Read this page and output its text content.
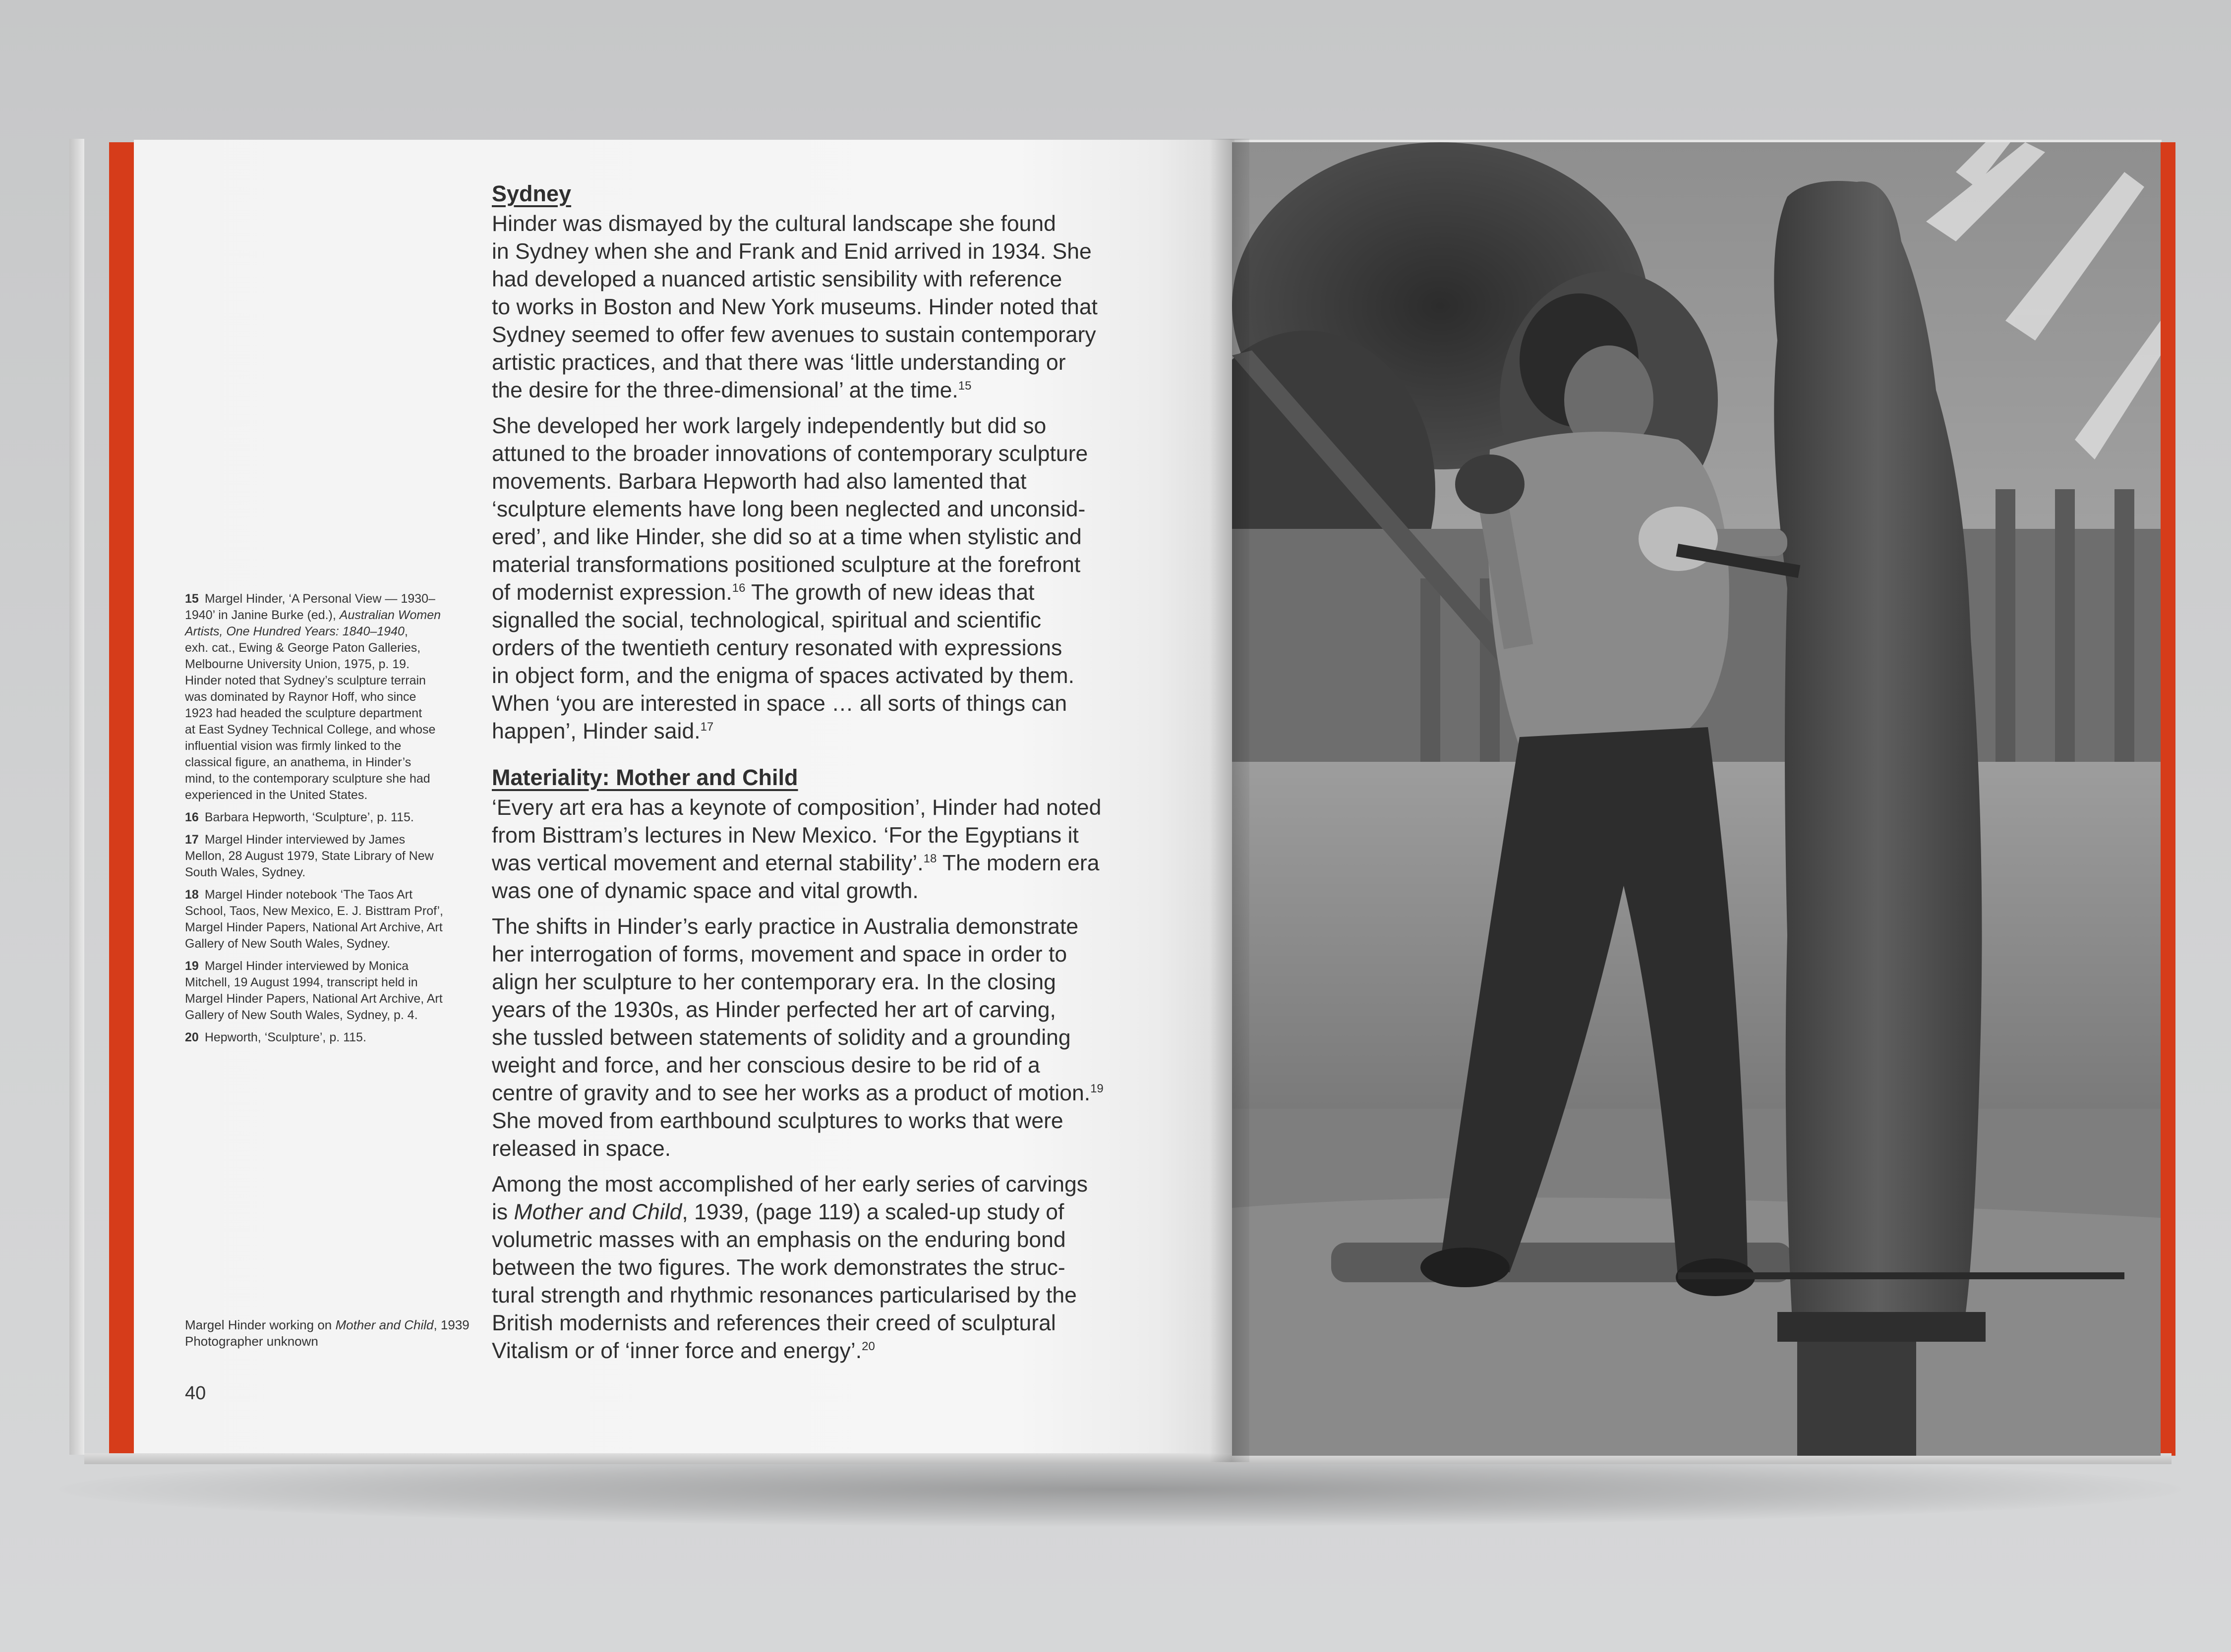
Sydney

Hinder was dismayed by the cultural landscape she found
in Sydney when she and Frank and Enid arrived in 1934. She
had developed a nuanced artistic sensibility with reference
to works in Boston and New York museums. Hinder noted that
Sydney seemed to offer few avenues to sustain contemporary
artistic practices, and that there was ‘little understanding or
the desire for the three-dimensional’ at the time.$^{15}$

She developed her work largely independently but did so
attuned to the broader innovations of contemporary sculpture
movements. Barbara Hepworth had also lamented that
‘sculpture elements have long been neglected and unconsid-
ered’, and like Hinder, she did so at a time when stylistic and
material transformations positioned sculpture at the forefront
of modernist expression.$^{16}$ The growth of new ideas that
signalled the social, technological, spiritual and scientific
orders of the twentieth century resonated with expressions
in object form, and the enigma of spaces activated by them.
When ‘you are interested in space … all sorts of things can
happen’, Hinder said.$^{17}$

Materiality: Mother and Child

‘Every art era has a keynote of composition’, Hinder had noted
from Bisttram’s lectures in New Mexico. ‘For the Egyptians it
was vertical movement and eternal stability’.$^{18}$ The modern era
was one of dynamic space and vital growth.

The shifts in Hinder’s early practice in Australia demonstrate
her interrogation of forms, movement and space in order to
align her sculpture to her contemporary era. In the closing
years of the 1930s, as Hinder perfected her art of carving,
she tussled between statements of solidity and a grounding
weight and force, and her conscious desire to be rid of a
centre of gravity and to see her works as a product of motion.$^{19}$
She moved from earthbound sculptures to works that were
released in space.

Among the most accomplished of her early series of carvings
is Mother and Child, 1939, (page 119) a scaled-up study of
volumetric masses with an emphasis on the enduring bond
between the two figures. The work demonstrates the struc-
tural strength and rhythmic resonances particularised by the
British modernists and references their creed of sculptural
Vitalism or of ‘inner force and energy’.$^{20}$

15 Margel Hinder, ‘A Personal View — 1930–
1940’ in Janine Burke (ed.), Australian Women
Artists, One Hundred Years: 1840–1940,
exh. cat., Ewing & George Paton Galleries,
Melbourne University Union, 1975, p. 19.
Hinder noted that Sydney’s sculpture terrain
was dominated by Raynor Hoff, who since
1923 had headed the sculpture department
at East Sydney Technical College, and whose
influential vision was firmly linked to the
classical figure, an anathema, in Hinder’s
mind, to the contemporary sculpture she had
experienced in the United States.
16 Barbara Hepworth, ‘Sculpture’, p. 115.
17 Margel Hinder interviewed by James
Mellon, 28 August 1979, State Library of New
South Wales, Sydney.
18 Margel Hinder notebook ‘The Taos Art
School, Taos, New Mexico, E. J. Bisttram Prof’,
Margel Hinder Papers, National Art Archive, Art
Gallery of New South Wales, Sydney.
19 Margel Hinder interviewed by Monica
Mitchell, 19 August 1994, transcript held in
Margel Hinder Papers, National Art Archive, Art
Gallery of New South Wales, Sydney, p. 4.
20 Hepworth, ‘Sculpture’, p. 115.
Margel Hinder working on Mother and Child, 1939
Photographer unknown
40
